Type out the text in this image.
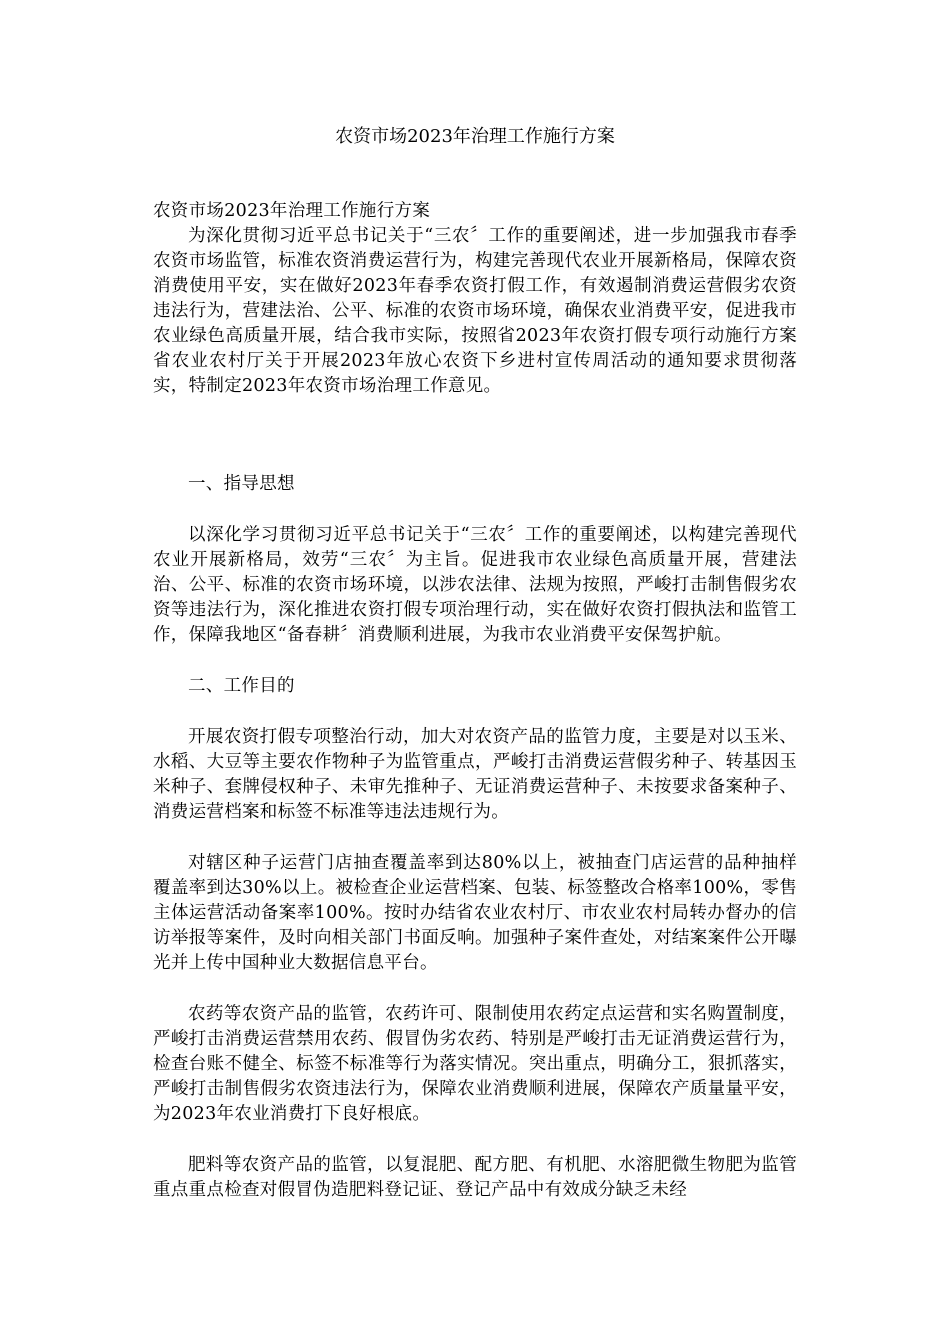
农资市场2023年治理工作施行方案

农资市场2023年治理工作施行方案

为深化贯彻习近平总书记关于“三农〞工作的重要阐述，进一步加强我市春季农资市场监管，标准农资消费运营行为，构建完善现代农业开展新格局，保障农资消费使用平安，实在做好2023年春季农资打假工作，有效遏制消费运营假劣农资违法行为，营建法治、公平、标准的农资市场环境，确保农业消费平安，促进我市农业绿色高质量开展，结合我市实际，按照省2023年农资打假专项行动施行方案省农业农村厅关于开展2023年放心农资下乡进村宣传周活动的通知要求贯彻落实，特制定2023年农资市场治理工作意见。

一、指导思想

以深化学习贯彻习近平总书记关于“三农〞工作的重要阐述，以构建完善现代农业开展新格局，效劳“三农〞为主旨。促进我市农业绿色高质量开展，营建法治、公平、标准的农资市场环境，以涉农法律、法规为按照，严峻打击制售假劣农资等违法行为，深化推进农资打假专项治理行动，实在做好农资打假执法和监管工作，保障我地区“备春耕〞消费顺利进展，为我市农业消费平安保驾护航。

二、工作目的

开展农资打假专项整治行动，加大对农资产品的监管力度，主要是对以玉米、水稻、大豆等主要农作物种子为监管重点，严峻打击消费运营假劣种子、转基因玉米种子、套牌侵权种子、未审先推种子、无证消费运营种子、未按要求备案种子、消费运营档案和标签不标准等违法违规行为。

对辖区种子运营门店抽查覆盖率到达80%以上，被抽查门店运营的品种抽样覆盖率到达30%以上。被检查企业运营档案、包装、标签整改合格率100%，零售主体运营活动备案率100%。按时办结省农业农村厅、市农业农村局转办督办的信访举报等案件，及时向相关部门书面反响。加强种子案件查处，对结案案件公开曝光并上传中国种业大数据信息平台。

农药等农资产品的监管，农药许可、限制使用农药定点运营和实名购置制度，严峻打击消费运营禁用农药、假冒伪劣农药、特别是严峻打击无证消费运营行为，检查台账不健全、标签不标准等行为落实情况。突出重点，明确分工，狠抓落实，严峻打击制售假劣农资违法行为，保障农业消费顺利进展，保障农产质量量平安，为2023年农业消费打下良好根底。

肥料等农资产品的监管，以复混肥、配方肥、有机肥、水溶肥微生物肥为监管重点重点检查对假冒伪造肥料登记证、登记产品中有效成分缺乏未经
